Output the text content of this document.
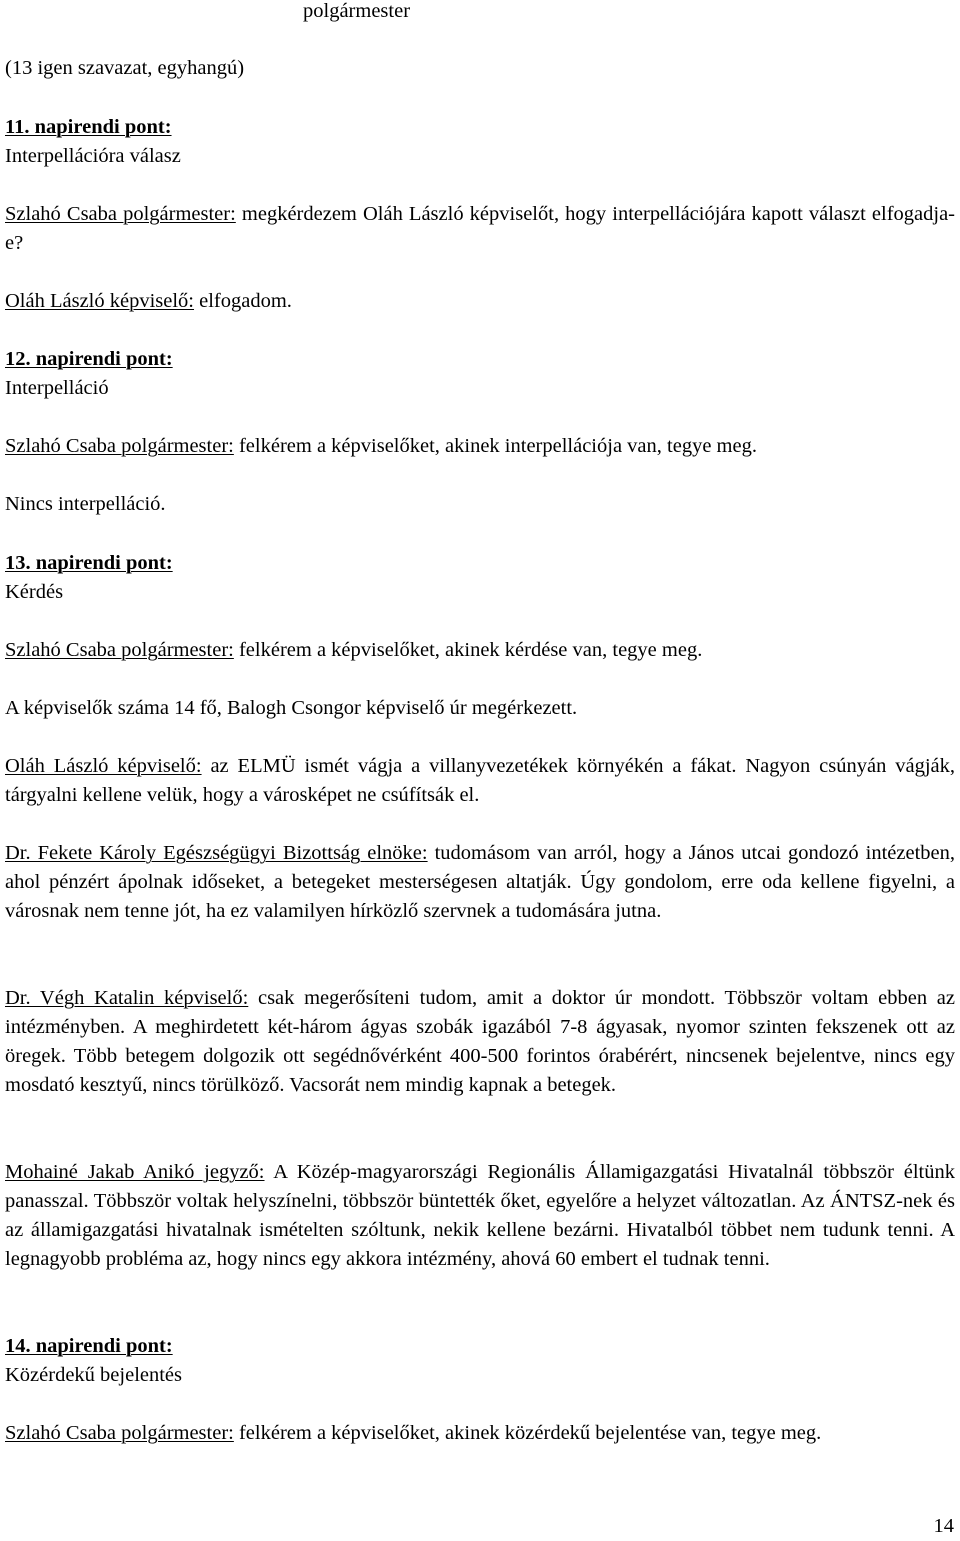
polgármester
(13 igen szavazat, egyhangú)
11. napirendi pont:
Interpellációra válasz
Szlahó Csaba polgármester: megkérdezem Oláh László képviselőt, hogy interpellációjára kapott választ elfogadja-e?
Oláh László képviselő: elfogadom.
12. napirendi pont:
Interpelláció
Szlahó Csaba polgármester: felkérem a képviselőket, akinek interpellációja van, tegye meg.
Nincs interpelláció.
13. napirendi pont:
Kérdés
Szlahó Csaba polgármester: felkérem a képviselőket, akinek kérdése van, tegye meg.
A képviselők száma 14 fő, Balogh Csongor képviselő úr megérkezett.
Oláh László képviselő: az ELMÜ ismét vágja a villanyvezetékek környékén a fákat. Nagyon csúnyán vágják, tárgyalni kellene velük, hogy a városképet ne csúfítsák el.
Dr. Fekete Károly Egészségügyi Bizottság elnöke: tudomásom van arról, hogy a János utcai gondozó intézetben, ahol pénzért ápolnak időseket, a betegeket mesterségesen altatják. Úgy gondolom, erre oda kellene figyelni, a városnak nem tenne jót, ha ez valamilyen hírközlő szervnek a tudomására jutna.
Dr. Végh Katalin képviselő: csak megerősíteni tudom, amit a doktor úr mondott. Többször voltam ebben az intézményben. A meghirdetett két-három ágyas szobák igazából 7-8 ágyasak, nyomor szinten fekszenek ott az öregek. Több betegem dolgozik ott segédnővérként 400-500 forintos órabérért, nincsenek bejelentve, nincs egy mosdató kesztyű, nincs törülköző. Vacsorát nem mindig kapnak a betegek.
Mohainé Jakab Anikó jegyző: A Közép-magyarországi Regionális Államigazgatási Hivatalnál többször éltünk panasszal. Többször voltak helyszínelni, többször büntették őket, egyelőre a helyzet változatlan. Az ÁNTSZ-nek és az államigazgatási hivatalnak ismételten szóltunk, nekik kellene bezárni. Hivatalból többet nem tudunk tenni. A legnagyobb probléma az, hogy nincs egy akkora intézmény, ahová 60 embert el tudnak tenni.
14. napirendi pont:
Közérdekű bejelentés
Szlahó Csaba polgármester: felkérem a képviselőket, akinek közérdekű bejelentése van, tegye meg.
14
